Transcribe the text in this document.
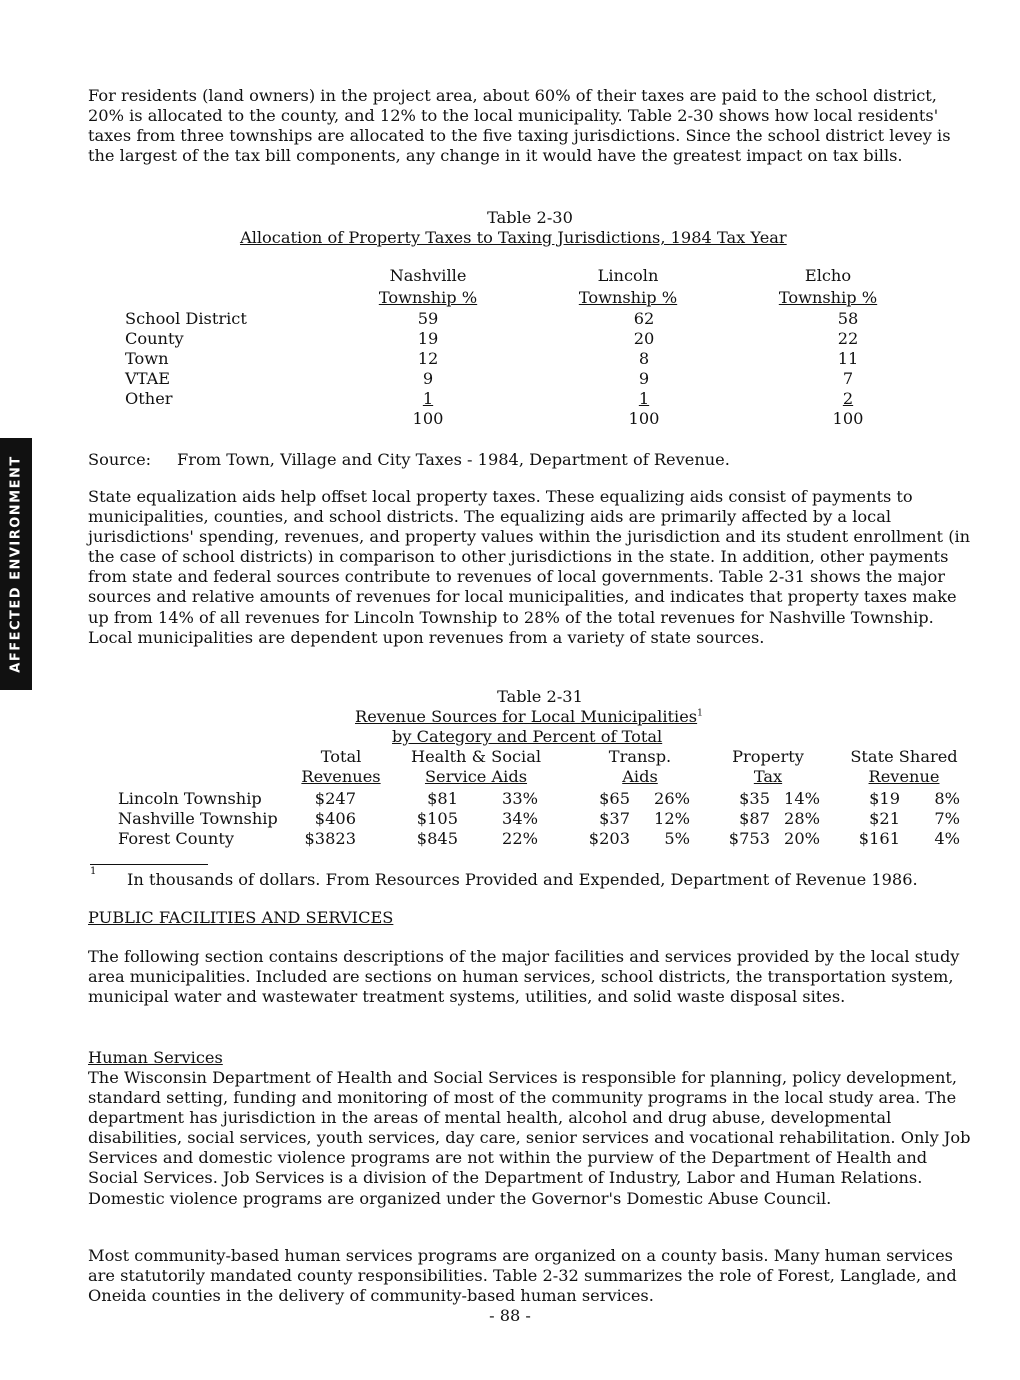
AFFECTED ENVIRONMENT
For residents (land owners) in the project area, about 60% of their taxes are paid to the school district, 20% is allocated to the county, and 12% to the local municipality. Table 2-30 shows how local residents' taxes from three townships are allocated to the five taxing jurisdictions. Since the school district levey is the largest of the tax bill components, any change in it would have the greatest impact on tax bills.
Table 2-30
Allocation of Property Taxes to Taxing Jurisdictions, 1984 Tax Year
Nashville
Township %
Lincoln
Township %
Elcho
Township %
School District	59	62	58
County	19	20	22
Town	12	8	11
VTAE	9	9	7
Other	1	1	2
100	100	100
Source: From Town, Village and City Taxes - 1984, Department of Revenue.
State equalization aids help offset local property taxes. These equalizing aids consist of payments to municipalities, counties, and school districts. The equalizing aids are primarily affected by a local jurisdictions' spending, revenues, and property values within the jurisdiction and its student enrollment (in the case of school districts) in comparison to other jurisdictions in the state. In addition, other payments from state and federal sources contribute to revenues of local governments. Table 2-31 shows the major sources and relative amounts of revenues for local municipalities, and indicates that property taxes make up from 14% of all revenues for Lincoln Township to 28% of the total revenues for Nashville Township. Local municipalities are dependent upon revenues from a variety of state sources.
Table 2-31
Revenue Sources for Local Municipalities$^1$
by Category and Percent of Total
Total
Revenues
Health & Social
Service Aids
Transp.
Aids
Property
Tax
State Shared
Revenue
Lincoln Township	$247	$81	33%	$65	26%	$35 14%	$19	8%
Nashville Township	$406	$105	34%	$37	12%	$87 28%	$21	7%
Forest County	$3823	$845	22%	$203	5%	$753 20%	$161	4%
1 In thousands of dollars. From Resources Provided and Expended, Department of Revenue 1986.
PUBLIC FACILITIES AND SERVICES
The following section contains descriptions of the major facilities and services provided by the local study area municipalities. Included are sections on human services, school districts, the transportation system, municipal water and wastewater treatment systems, utilities, and solid waste disposal sites.
Human Services
The Wisconsin Department of Health and Social Services is responsible for planning, policy development, standard setting, funding and monitoring of most of the community programs in the local study area. The department has jurisdiction in the areas of mental health, alcohol and drug abuse, developmental disabilities, social services, youth services, day care, senior services and vocational rehabilitation. Only Job Services and domestic violence programs are not within the purview of the Department of Health and Social Services. Job Services is a division of the Department of Industry, Labor and Human Relations. Domestic violence programs are organized under the Governor's Domestic Abuse Council.
Most community-based human services programs are organized on a county basis. Many human services are statutorily mandated county responsibilities. Table 2-32 summarizes the role of Forest, Langlade, and Oneida counties in the delivery of community-based human services.
- 88 -
